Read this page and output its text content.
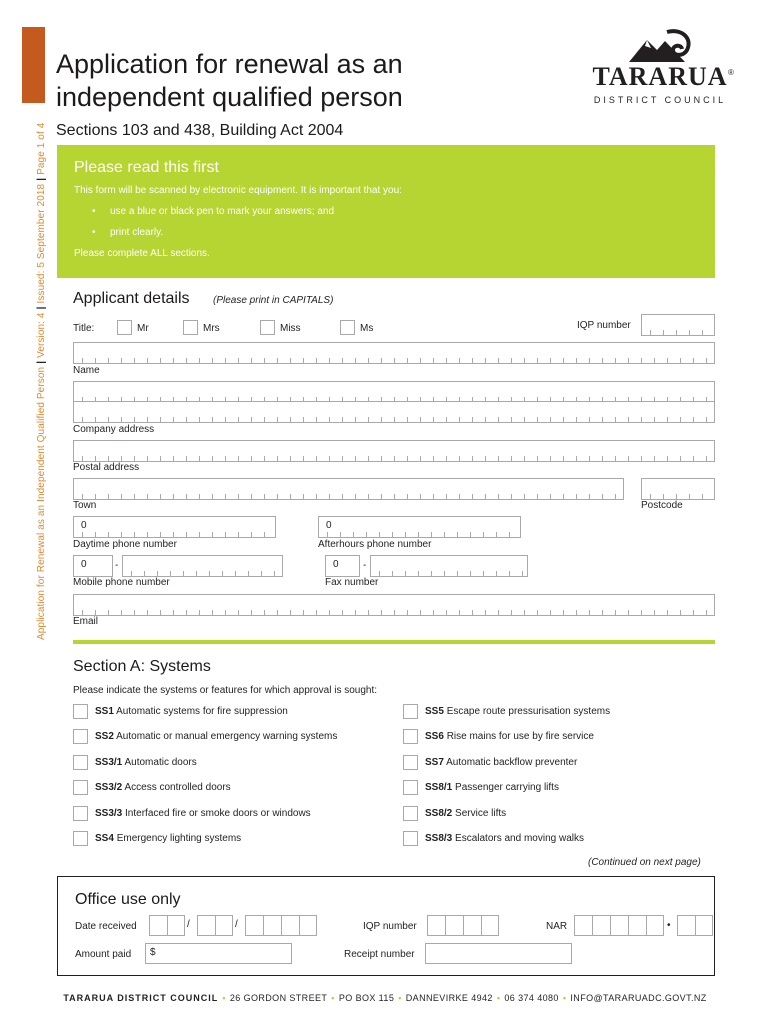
Application for Renewal as an Independent Qualified Person|Version: 4|Issued: 5 September 2018|Page 1 of 4
Application for renewal as an
independent qualified person
Sections 103 and 438, Building Act 2004
TARARUA ®
DISTRICT COUNCIL
Please read this first
This form will be scanned by electronic equipment. It is important that you:
• use a blue or black pen to mark your answers; and
• print clearly.
Please complete ALL sections.
Applicant details (Please print in CAPITALS)
Title:	Mr	Mrs	Miss	Ms	IQP number
Name
Company address
Postal address
Town	Postcode
0	0
Daytime phone number	Afterhours phone number
0	-	0	-
Mobile phone number	Fax number
Email
Section A: Systems
Please indicate the systems or features for which approval is sought:
SS1 Automatic systems for fire suppression
SS2 Automatic or manual emergency warning systems
SS3/1 Automatic doors
SS3/2 Access controlled doors
SS3/3 Interfaced fire or smoke doors or windows
SS4 Emergency lighting systems
SS5 Escape route pressurisation systems
SS6 Rise mains for use by fire service
SS7 Automatic backflow preventer
SS8/1 Passenger carrying lifts
SS8/2 Service lifts
SS8/3 Escalators and moving walks
(Continued on next page)
Office use only
Date received	/	/	IQP number	NAR	•
Amount paid	$	Receipt number
TARARUA DISTRICT COUNCIL • 26 GORDON STREET • PO BOX 115 • DANNEVIRKE 4942 • 06 374 4080 • INFO@TARARUADC.GOVT.NZ
